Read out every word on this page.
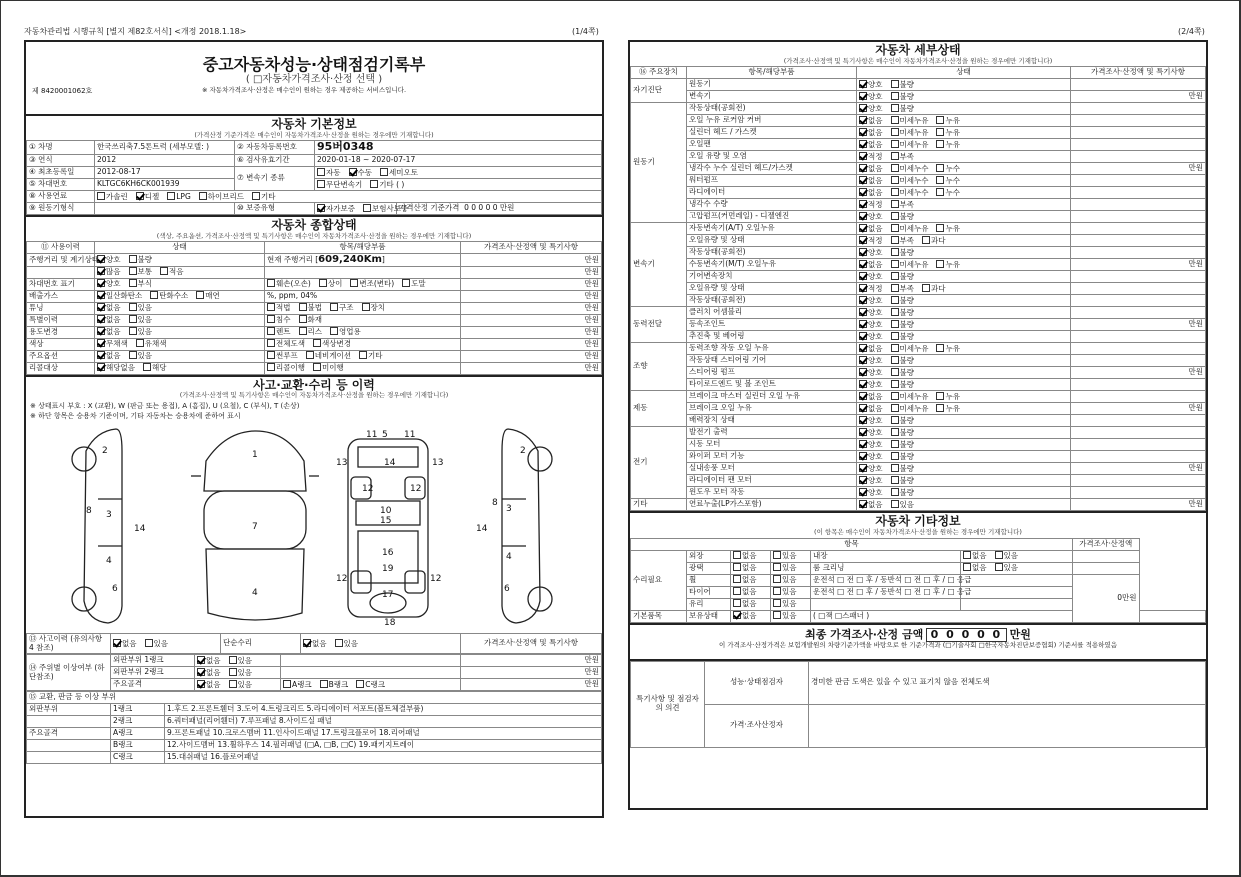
자동차관리법 시행규칙 [별지 제82호서식] <개정 2018.1.18>	(1/4쪽)	(2/4쪽)
중고자동차성능·상태점검기록부
( □자동차가격조사·산정 선택 )
제 8420001062호	※ 자동차가격조사·산정은 매수인이 원하는 경우 제공하는 서비스입니다.
자동차 기본정보
(가격산정 기준가격은 매수인이 자동차가격조사·산정을 원하는 경우에만 기재합니다)
① 차명	한국쓰리축7.5톤트럭 (세부모델: )	② 자동차등록번호	95버0348	
③ 연식	2012	⑥ 검사유효기간	2020-01-18 ~ 2020-07-17	
④ 최초등록일	2012-08-17	⑦ 변속기 종류	자동 수동 세미오토	
⑤ 차대번호	KLTGC6KH6CK001939		무단변속기 기타 ( )	
⑧ 사용연료	가솔린 디젤 LPG 하이브리드 기타			
⑨ 원동기형식		⑩ 보증유형	자가보증 보험사보증	가격산정 기준가격  0 0 0 0 0 만원
자동차 종합상태
(색상, 주요옵션, 가격조사·산정액 및 특기사항은 매수인이 자동차가격조사·산정을 원하는 경우에만 기재합니다)
⑪ 사용이력	상태	항목/해당부품	가격조사·산정액 및 특기사항
주행거리 및 계기상태	양호 불량	현재 주행거리 [609,240Km]	만원
	많음 보통 적음		만원
차대번호 표기	양호 부식	훼손(오손) 상이 변조(변타) 도말	만원
배출가스	일산화탄소 탄화수소 매연	%, ppm, 04%	만원
튜닝	없음 있음	적법 불법 구조 장치	만원
특별이력	없음 있음	침수 화재	만원
용도변경	없음 있음	렌트 리스 영업용	만원
색상	무채색 유채색	전체도색 색상변경	만원
주요옵션	없음 있음	썬루프 네비게이션 기타	만원
리콜대상	해당없음 해당	리콜이행 미이행	만원
사고·교환·수리 등 이력
(가격조사·산정액 및 특기사항은 매수인이 자동차가격조사·산정을 원하는 경우에만 기재합니다)
※ 상태표시 부호 : X (교환), W (판금 또는 용접), A (흠집), U (요철), C (부식), T (손상)
※ 하단 항목은 승용차 기준이며, 기타 자동차는 승용차에 준하여 표시
2
8 3
4
14
6
1
7
4
11 5 11
14
13	13
12	12
10
15
16
12	12
17
18
19
2
3
8
4
14
6
⑬ 사고이력 (유의사항 4 참조)	없음 있음	단순수리	없음 있음	가격조사·산정액 및 특기사항
⑭ 주위별 이상여부 (하단참조)	외판부위 1랭크	없음 있음		만원
	외판부위 2랭크	없음 있음		만원
	주요골격	없음 있음	A랭크 B랭크 C랭크	만원
⑮ 교환, 판금 등 이상 부위		
외판부위	1랭크	1.후드 2.프론트휀더 3.도어 4.트렁크리드 5.라디에이터 서포트(볼트체결부품)
	2랭크	6.쿼터패널(리어휀더) 7.루프패널 8.사이드실 패널
주요골격	A랭크	9.프론트패널 10.크로스멤버 11.인사이드패널 17.트렁크플로어 18.리어패널
	B랭크	12.사이드멤버 13.휠하우스 14.필러패널 (□A, □B, □C) 19.패키지트레이
	C랭크	15.대쉬패널 16.플로어패널
자동차 세부상태
(가격조사·산정액 및 특기사항은 매수인이 자동차가격조사·산정을 원하는 경우에만 기재합니다)
⑯ 주요장치	항목/해당부품	상태	가격조사·산정액 및 특기사항
자기진단	원동기	양호 불량	
	변속기	양호 불량	만원
원동기	작동상태(공회전)	양호 불량	
	오일 누유 로커암 커버	없음 미세누유 누유	
	실린더 헤드 / 가스켓	없음 미세누유 누유	
	오일팬	없음 미세누유 누유	
	오일 유량 및 오염	적정 부족	
	냉각수 누수 실린더 헤드/가스켓	없음 미세누수 누수	만원
	워터펌프	없음 미세누수 누수	
	라디에이터	없음 미세누수 누수	
	냉각수 수량	적정 부족	
	고압펌프(커먼레일) - 디젤엔진	양호 불량	
변속기	자동변속기(A/T) 오일누유	없음 미세누유 누유	
	오일유량 및 상태	적정 부족 과다	
	작동상태(공회전)	양호 불량	
	수동변속기(M/T) 오일누유	없음 미세누유 누유	만원
	기어변속장치	양호 불량	
	오일유량 및 상태	적정 부족 과다	
	작동상태(공회전)	양호 불량	
동력전달	클러치 어셈블리	양호 불량	
	등속조인트	양호 불량	만원
	추진축 및 베어링	양호 불량	
조향	동력조향 작동 오일 누유	없음 미세누유 누유	
	작동상태 스티어링 기어	양호 불량	
	스티어링 펌프	양호 불량	만원
	타이로드엔드 및 볼 조인트	양호 불량	
제동	브레이크 마스터 실린더 오일 누유	없음 미세누유 누유	
	브레이크 오일 누유	없음 미세누유 누유	만원
	배력장치 상태	양호 불량	
전기	발전기 출력	양호 불량	
	시동 모터	양호 불량	
	와이퍼 모터 기능	양호 불량	
	실내송풍 모터	양호 불량	만원
	라디에이터 팬 모터	양호 불량	
	윈도우 모터 작동	양호 불량	
기타	연료누출(LP가스포함)	없음 있음	만원
자동차 기타정보
(이 항목은 매수인이 자동차가격조사·산정을 원하는 경우에만 기재합니다)
항목						가격조사·산정액	
수리필요	외장	없음	있음	내장	없음 있음		
	광택	없음	있음	룸 크리닝	없음 있음		
	휠	없음	있음	운전석 □ 전 □ 후 / 동반석 □ 전 □ 후 / □ 응급		0만원	
	타이어	없음	있음	운전석 □ 전 □ 후 / 동반석 □ 전 □ 후 / □ 응급			
	유리	없음	있음				
기본품목	보유상태	없음	있음	( □잭 □스패너 )			
최종 가격조사·산정 금액 0 0 0 0 0 만원
이 가격조사·산정가격은 보험개발원의 차량기준가액을 바탕으로 한 기준가격과 (□기술사회 □한국자동차진단보증협회) 기준서를 적용하였음
특기사항 및 점검자의 의견	성능·상태점검자	경미한 판금 도색은 있을 수 있고 표기치 않음 전체도색
	가격·조사산정자	
